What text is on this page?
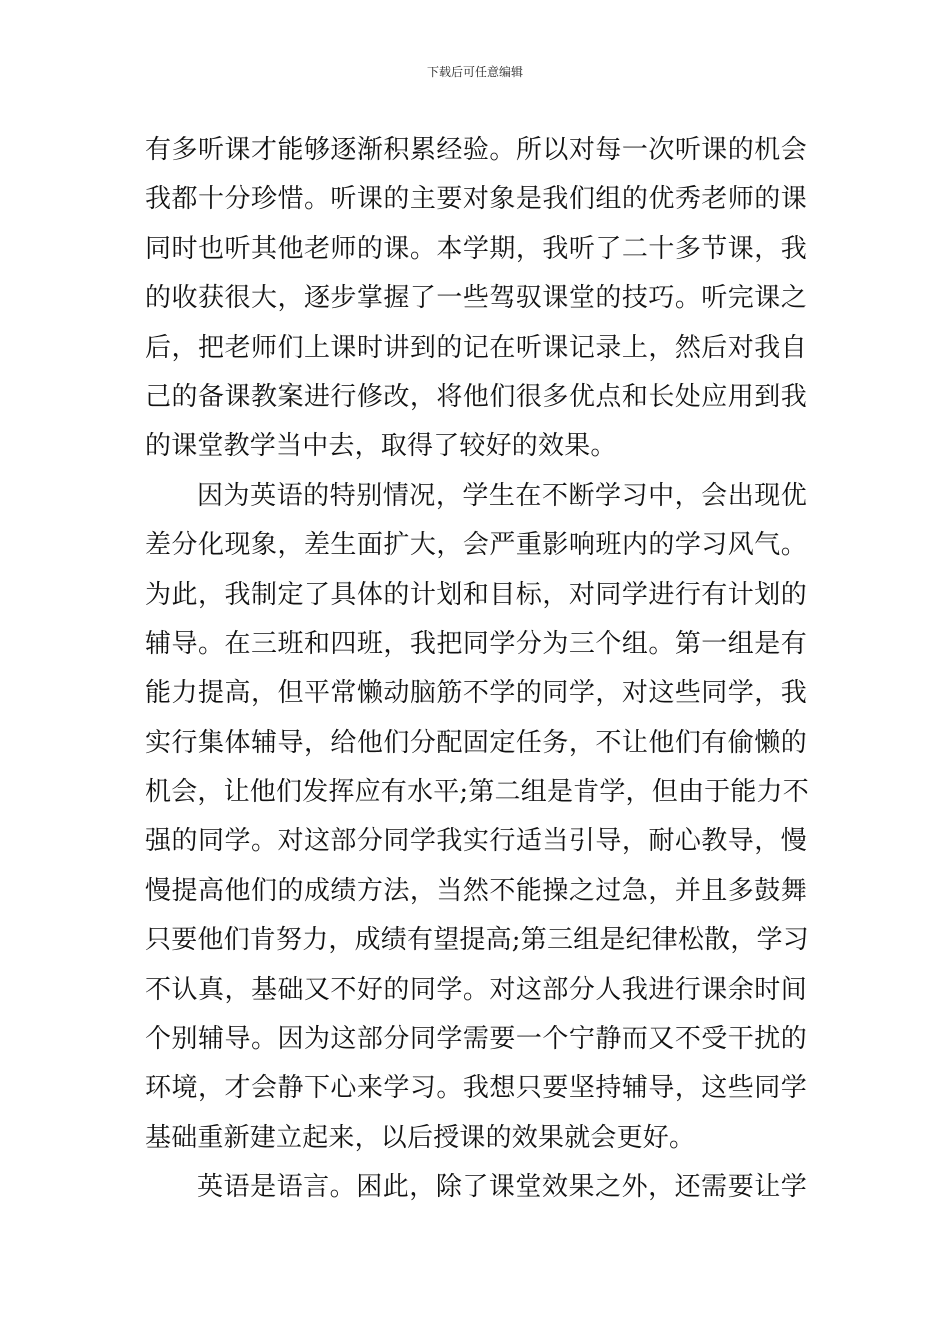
下载后可任意编辑
有多听课才能够逐渐积累经验。所以对每一次听课的机会
我都十分珍惜。听课的主要对象是我们组的优秀老师的课
同时也听其他老师的课。本学期，我听了二十多节课，我
的收获很大，逐步掌握了一些驾驭课堂的技巧。听完课之
后，把老师们上课时讲到的记在听课记录上，然后对我自
己的备课教案进行修改，将他们很多优点和长处应用到我
的课堂教学当中去，取得了较好的效果。
因为英语的特别情况，学生在不断学习中，会出现优
差分化现象，差生面扩大，会严重影响班内的学习风气。
为此，我制定了具体的计划和目标，对同学进行有计划的
辅导。在三班和四班，我把同学分为三个组。第一组是有
能力提高，但平常懒动脑筋不学的同学，对这些同学，我
实行集体辅导，给他们分配固定任务，不让他们有偷懒的
机会，让他们发挥应有水平;第二组是肯学，但由于能力不
强的同学。对这部分同学我实行适当引导，耐心教导，慢
慢提高他们的成绩方法，当然不能操之过急，并且多鼓舞
只要他们肯努力，成绩有望提高;第三组是纪律松散，学习
不认真，基础又不好的同学。对这部分人我进行课余时间
个别辅导。因为这部分同学需要一个宁静而又不受干扰的
环境，才会静下心来学习。我想只要坚持辅导，这些同学
基础重新建立起来，以后授课的效果就会更好。
英语是语言。困此，除了课堂效果之外，还需要让学
